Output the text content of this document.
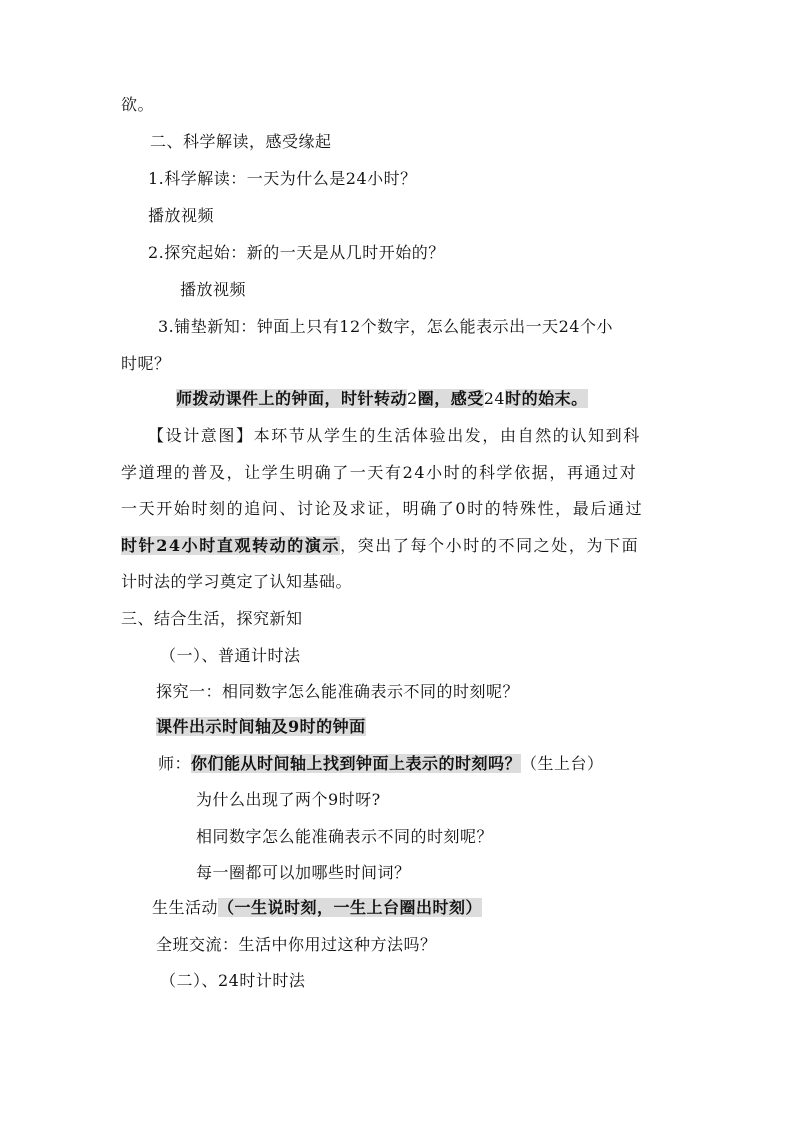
欲。
二、科学解读，感受缘起
1.科学解读：一天为什么是24小时？
播放视频
2.探究起始：新的一天是从几时开始的？
播放视频
3.铺垫新知：钟面上只有12个数字，怎么能表示出一天24个小
时呢？
师拨动课件上的钟面，时针转动2圈，感受24时的始末。
【设计意图】本环节从学生的生活体验出发，由自然的认知到科
学道理的普及，让学生明确了一天有24小时的科学依据，再通过对
一天开始时刻的追问、讨论及求证，明确了0时的特殊性，最后通过
时针24小时直观转动的演示，突出了每个小时的不同之处，为下面
计时法的学习奠定了认知基础。
三、结合生活，探究新知
（一）、普通计时法
探究一：相同数字怎么能准确表示不同的时刻呢？
课件出示时间轴及9时的钟面
师：你们能从时间轴上找到钟面上表示的时刻吗？（生上台）
为什么出现了两个9时呀?
相同数字怎么能准确表示不同的时刻呢？
每一圈都可以加哪些时间词？
生生活动（一生说时刻，一生上台圈出时刻）
全班交流：生活中你用过这种方法吗？
（二）、24时计时法
